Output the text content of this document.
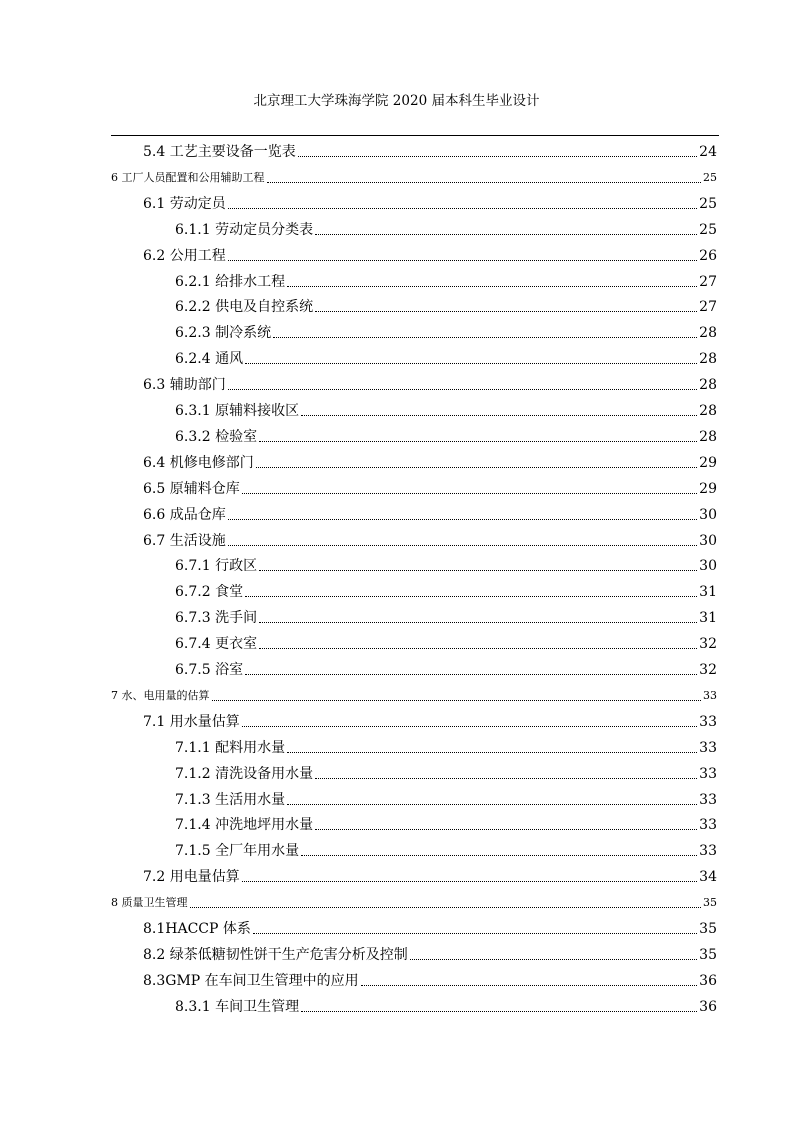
北京理工大学珠海学院 2020 届本科生毕业设计
5.4 工艺主要设备一览表	24
6 工厂人员配置和公用辅助工程	25
6.1 劳动定员	25
6.1.1 劳动定员分类表	25
6.2 公用工程	26
6.2.1 给排水工程	27
6.2.2 供电及自控系统	27
6.2.3 制冷系统	28
6.2.4 通风	28
6.3 辅助部门	28
6.3.1 原辅料接收区	28
6.3.2 检验室	28
6.4 机修电修部门	29
6.5 原辅料仓库	29
6.6 成品仓库	30
6.7 生活设施	30
6.7.1 行政区	30
6.7.2 食堂	31
6.7.3 洗手间	31
6.7.4 更衣室	32
6.7.5 浴室	32
7 水、电用量的估算	33
7.1 用水量估算	33
7.1.1 配料用水量	33
7.1.2 清洗设备用水量	33
7.1.3 生活用水量	33
7.1.4 冲洗地坪用水量	33
7.1.5 全厂年用水量	33
7.2 用电量估算	34
8 质量卫生管理	35
8.1HACCP 体系	35
8.2 绿茶低糖韧性饼干生产危害分析及控制	35
8.3GMP 在车间卫生管理中的应用	36
8.3.1 车间卫生管理	36
